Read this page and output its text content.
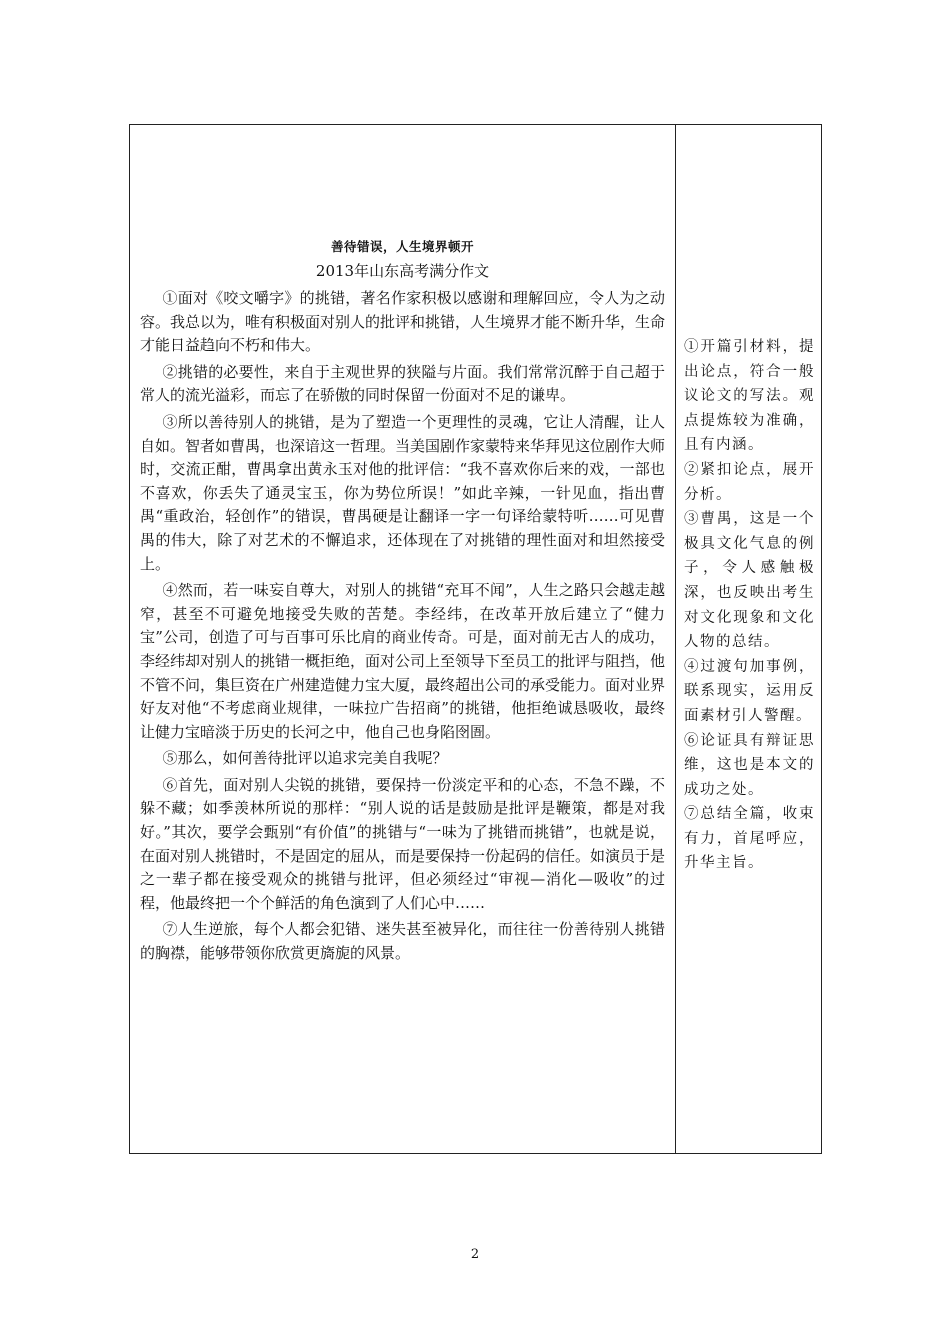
善待错误，人生境界顿开
2013年山东高考满分作文

①面对《咬文嚼字》的挑错，著名作家积极以感谢和理解回应，令人为之动容。我总以为，唯有积极面对别人的批评和挑错，人生境界才能不断升华，生命才能日益趋向不朽和伟大。

②挑错的必要性，来自于主观世界的狭隘与片面。我们常常沉醉于自己超于常人的流光溢彩，而忘了在骄傲的同时保留一份面对不足的谦卑。

③所以善待别人的挑错，是为了塑造一个更理性的灵魂，它让人清醒，让人自如。智者如曹禺，也深谙这一哲理。当美国剧作家蒙特来华拜见这位剧作大师时，交流正酣，曹禺拿出黄永玉对他的批评信：“我不喜欢你后来的戏，一部也不喜欢，你丢失了通灵宝玉，你为势位所误！”如此辛辣，一针见血，指出曹禺“重政治，轻创作”的错误，曹禺硬是让翻译一字一句译给蒙特听……可见曹禺的伟大，除了对艺术的不懈追求，还体现在了对挑错的理性面对和坦然接受上。

④然而，若一味妄自尊大，对别人的挑错“充耳不闻”，人生之路只会越走越窄，甚至不可避免地接受失败的苦楚。李经纬，在改革开放后建立了“健力宝”公司，创造了可与百事可乐比肩的商业传奇。可是，面对前无古人的成功，李经纬却对别人的挑错一概拒绝，面对公司上至领导下至员工的批评与阻挡，他不管不问，集巨资在广州建造健力宝大厦，最终超出公司的承受能力。面对业界好友对他“不考虑商业规律，一味拉广告招商”的挑错，他拒绝诚恳吸收，最终让健力宝暗淡于历史的长河之中，他自己也身陷囹圄。

⑤那么，如何善待批评以追求完美自我呢？

⑥首先，面对别人尖锐的挑错，要保持一份淡定平和的心态，不急不躁，不躲不藏；如季羡林所说的那样：“别人说的话是鼓励是批评是鞭策，都是对我好。”其次，要学会甄别“有价值”的挑错与“一味为了挑错而挑错”，也就是说，在面对别人挑错时，不是固定的屈从，而是要保持一份起码的信任。如演员于是之一辈子都在接受观众的挑错与批评，但必须经过“审视—消化—吸收”的过程，他最终把一个个鲜活的角色演到了人们心中……

⑦人生逆旅，每个人都会犯错、迷失甚至被异化，而往往一份善待别人挑错的胸襟，能够带领你欣赏更旖旎的风景。

①开篇引材料，提出论点，符合一般议论文的写法。观点提炼较为准确，且有内涵。

②紧扣论点，展开分析。

③曹禺，这是一个极具文化气息的例子，令人感触极深，也反映出考生对文化现象和文化人物的总结。

④过渡句加事例，联系现实，运用反面素材引人警醒。

⑥论证具有辩证思维，这也是本文的成功之处。

⑦总结全篇，收束有力，首尾呼应，升华主旨。

2
